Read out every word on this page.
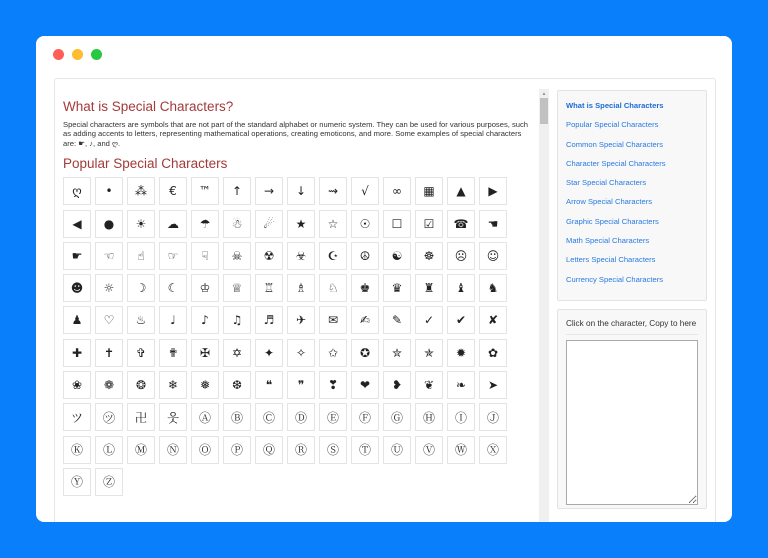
What is Special Characters?

Special characters are symbols that are not part of the standard alphabet or numeric system. They can be used for various purposes, such as adding accents to letters, representing mathematical operations, creating emoticons, and more. Some examples of special characters are: ☛, ♪, and ღ.

Popular Special Characters
ღ	•	⁂	€	™	↑	→	↓	⇝	√	∞	▦	▲	▶
◀	●	☀	☁	☂	☃	☄	★	☆	☉	☐	☑	☎	☚
☛	☜	☝	☞	☟	☠	☢	☣	☪	☮	☯	☸	☹	☺
☻	☼	☽	☾	♔	♕	♖	♗	♘	♚	♛	♜	♝	♞
♟	♡	♨	♩	♪	♫	♬	✈	✉	✍	✎	✓	✔	✘
✚	✝	✞	✟	✠	✡	✦	✧	✩	✪	✮	✯	✹	✿
❀	❁	❂	❄	❅	❆	❝	❞	❣	❤	❥	❦	❧	➤
ツ	㋡	卍	웃	Ⓐ	Ⓑ	Ⓒ	Ⓓ	Ⓔ	Ⓕ	Ⓖ	Ⓗ	Ⓘ	Ⓙ
Ⓚ	Ⓛ	Ⓜ	Ⓝ	Ⓞ	Ⓟ	Ⓠ	Ⓡ	Ⓢ	Ⓣ	Ⓤ	Ⓥ	Ⓦ	Ⓧ
Ⓨ	Ⓩ
▲
What is Special Characters
Popular Special Characters
Common Special Characters
Character Special Characters
Star Special Characters
Arrow Special Characters
Graphic Special Characters
Math Special Characters
Letters Special Characters
Currency Special Characters
Click on the character, Copy to here
